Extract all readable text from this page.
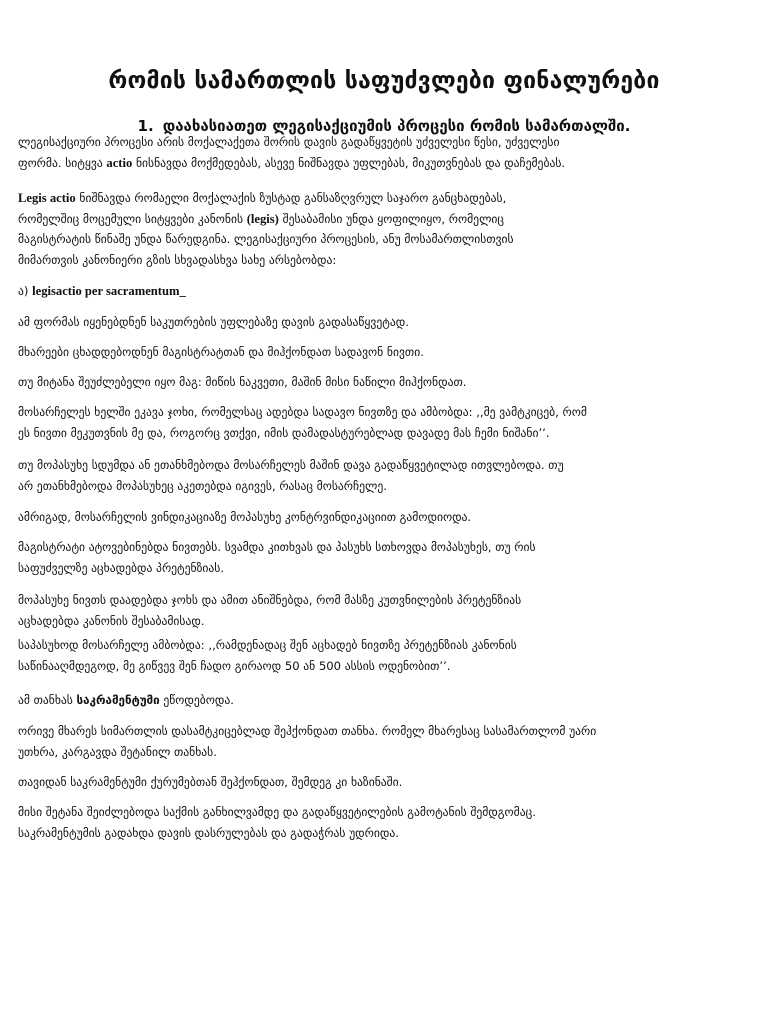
რომის სამართლის საფუძვლები ფინალურები
1. დაახასიათეთ ლეგისაქციუმის პროცესი რომის სამართალში.
ლეგისაქციური პროცესი არის მოქალაქეთა შორის დავის გადაწყვეტის უძველესი წესი, უძველესი
ფორმა. სიტყვა actio ნისნავდა მოქმედებას, ასევე ნიშნავდა უფლებას, მიკუთვნებას და დაჩემებას.
Legis actio ნიშნავდა რომაელი მოქალაქის ზუსტად განსაზღვრულ საჯარო განცხადებას,
რომელშიც მოცემული სიტყვები კანონის (legis) შესაბამისი უნდა ყოფილიყო, რომელიც
მაგისტრატის წინაშე უნდა წარედგინა. ლეგისაქციური პროცესის, ანუ მოსამართლისთვის
მიმართვის კანონიერი გზის სხვადასხვა სახე არსებობდა:
ა) legisactio per sacramentum_
ამ ფორმას იყენებდნენ საკუთრების უფლებაზე დავის გადასაწყვეტად.
მხარეები ცხადდებოდნენ მაგისტრატთან და მიჰქონდათ სადავონ ნივთი.
თუ მიტანა შეუძლებელი იყო მაგ: მიწის ნაკვეთი, მაშინ მისი ნაწილი მიჰქონდათ.
მოსარჩელეს ხელში ეკავა ჯოხი, რომელსაც ადებდა სადავო ნივთზე და ამბობდა: ,,მე ვამტკიცებ, რომ
ეს ნივთი მეკუთვნის მე და, როგორც ვთქვი, იმის დამადასტურებლად დავადე მას ჩემი ნიშანი’’.
თუ მოპასუხე სდუმდა ან ეთანხმებოდა მოსარჩელეს მაშინ დავა გადაწყვეტილად ითვლებოდა. თუ
არ ეთანხმებოდა მოპასუხეც აკეთებდა იგივეს, რასაც მოსარჩელე.
ამრიგად, მოსარჩელის ვინდიკაციაზე მოპასუხე კონტრვინდიკაციით გამოდიოდა.
მაგისტრატი ატოვებინებდა ნივთებს. სვამდა კითხვას და პასუხს სთხოვდა მოპასუხეს, თუ რის
საფუძველზე აცხადებდა პრეტენზიას.
მოპასუხე ნივთს დაადებდა ჯოხს და ამით ანიშნებდა, რომ მასზე კუთვნილების პრეტენზიას
აცხადებდა კანონის შესაბამისად.
საპასუხოდ მოსარჩელე ამბობდა: ,,რამდენადაც შენ აცხადებ ნივთზე პრეტენზიას კანონის
საწინააღმდეგოდ, მე გიწვევ შენ ჩადო გირაოდ 50 ან 500 ასსის ოდენობით’’.
ამ თანხას საკრამენტუმი ეწოდებოდა.
ორივე მხარეს სიმართლის დასამტკიცებლად შეჰქონდათ თანხა. რომელ მხარესაც სასამართლომ უარი
უთხრა, კარგავდა შეტანილ თანხას.
თავიდან საკრამენტუმი ქურუმებთან შეჰქონდათ, შემდეგ კი ხაზინაში.
მისი შეტანა შეიძლებოდა საქმის განხილვამდე და გადაწყვეტილების გამოტანის შემდგომაც.
საკრამენტუმის გადახდა დავის დასრულებას და გადაჭრას უდრიდა.
